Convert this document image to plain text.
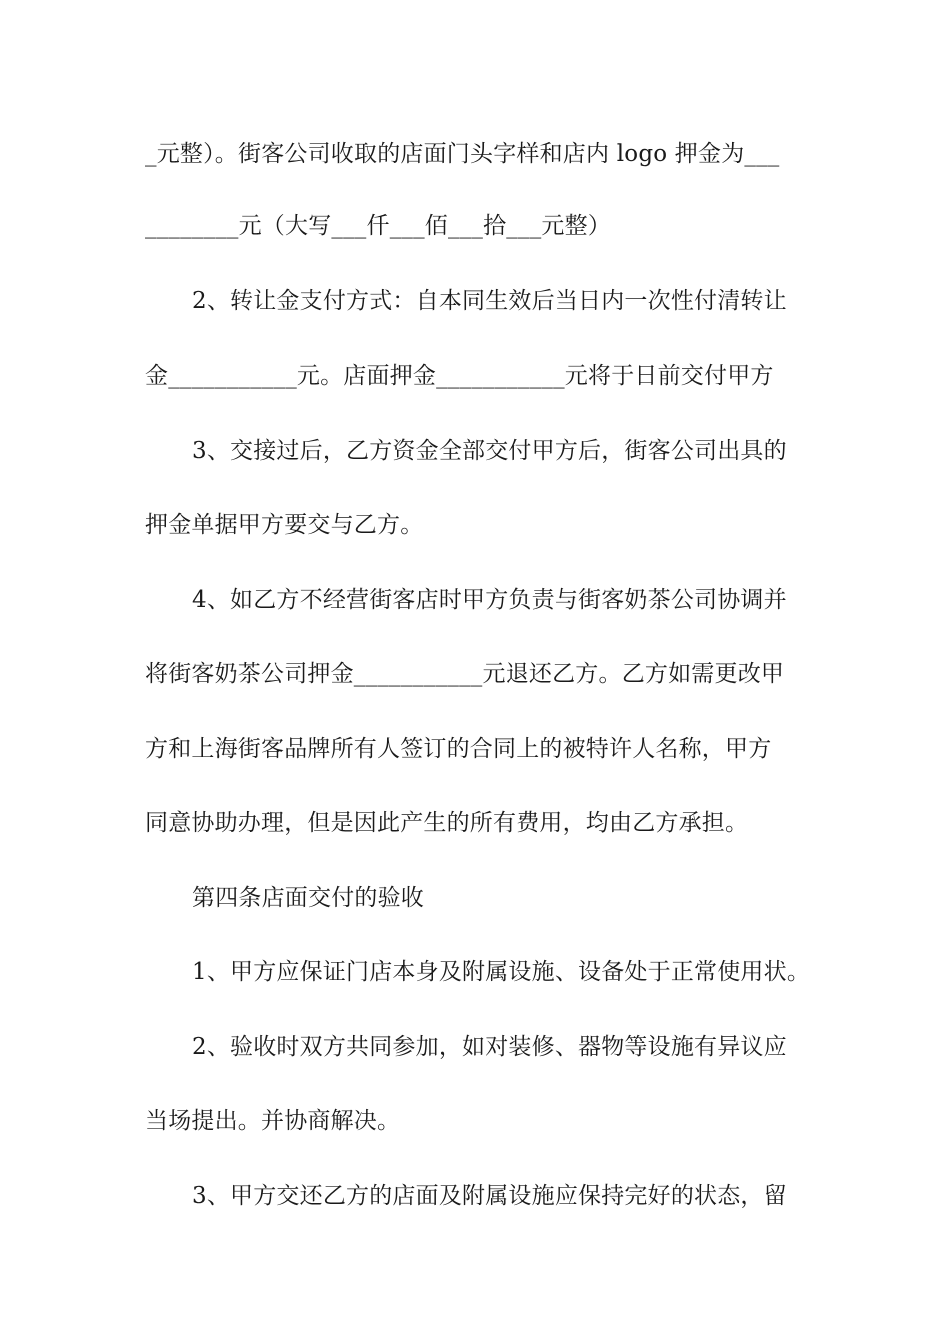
_元整）。街客公司收取的店面门头字样和店内 logo 押金为___

________元（大写___仟___佰___拾___元整）

2、转让金支付方式：自本同生效后当日内一次性付清转让

金___________元。店面押金___________元将于日前交付甲方

3、交接过后，乙方资金全部交付甲方后，街客公司出具的

押金单据甲方要交与乙方。

4、如乙方不经营街客店时甲方负责与街客奶茶公司协调并

将街客奶茶公司押金___________元退还乙方。乙方如需更改甲

方和上海街客品牌所有人签订的合同上的被特许人名称，甲方

同意协助办理，但是因此产生的所有费用，均由乙方承担。

第四条店面交付的验收

1、甲方应保证门店本身及附属设施、设备处于正常使用状。

2、验收时双方共同参加，如对装修、器物等设施有异议应

当场提出。并协商解决。

3、甲方交还乙方的店面及附属设施应保持完好的状态，留
